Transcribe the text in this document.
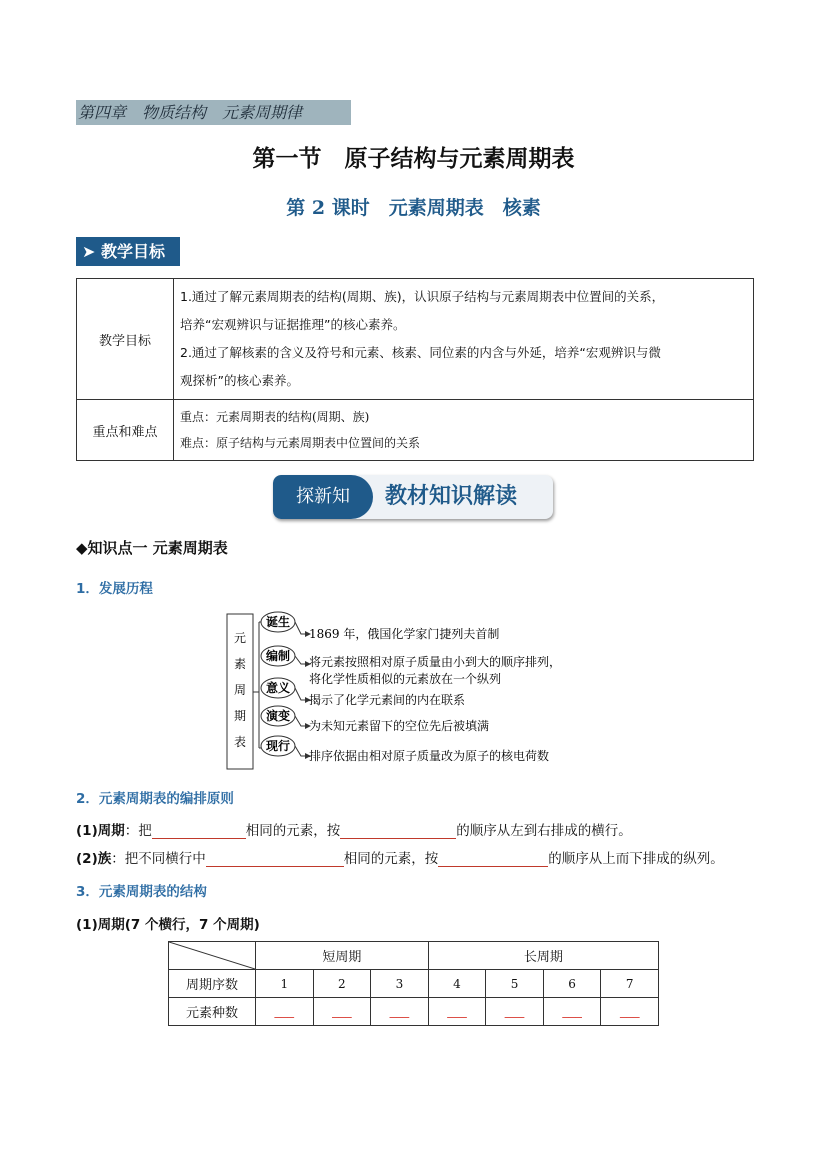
第四章　物质结构　元素周期律
第一节　原子结构与元素周期表
第 2 课时　元素周期表　核素
➤ 教学目标
教学目标	1.通过了解元素周期表的结构(周期、族)，认识原子结构与元素周期表中位置间的关系，
培养“宏观辨识与证据推理”的核心素养。
2.通过了解核素的含义及符号和元素、核素、同位素的内含与外延，培养“宏观辨识与微
观探析”的核心素养。

重点和难点	重点：元素周期表的结构(周期、族)
难点：原子结构与元素周期表中位置间的关系
探新知	教材知识解读
◆知识点一 元素周期表
1．发展历程
元
素
周
期
表
诞生
1869 年，俄国化学家门捷列夫首制
编制 将元素按照相对原子质量由小到大的顺序排列，
将化学性质相似的元素放在一个纵列
意义
揭示了化学元素间的内在联系
演变
为未知元素留下的空位先后被填满
现行
排序依据由相对原子质量改为原子的核电荷数
2．元素周期表的编排原则
(1)周期：把	相同的元素，按	的顺序从左到右排成的横行。
(2)族：把不同横行中	相同的元素，按	的顺序从上而下排成的纵列。
3．元素周期表的结构
(1)周期(7 个横行，7 个周期)
	短周期			长周期			
周期序数	1	2	3	4	5	6	7
元素种数	___	___	___	___	___	___	___
